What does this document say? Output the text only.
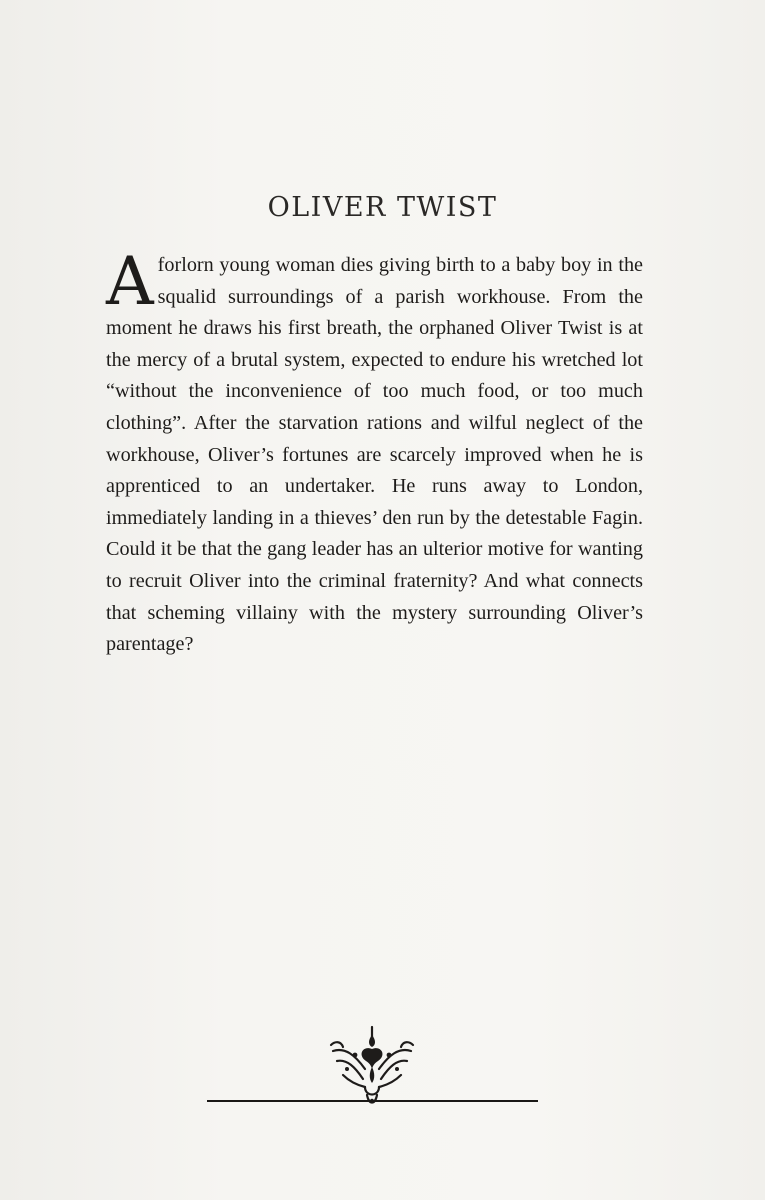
OLIVER TWIST

Aforlorn young woman dies giving birth to a baby boy in the squalid surroundings of a parish workhouse. From the moment he draws his first breath, the orphaned Oliver Twist is at the mercy of a brutal system, expected to endure his wretched lot “without the inconvenience of too much food, or too much clothing”. After the starvation rations and wilful neglect of the workhouse, Oliver’s fortunes are scarcely improved when he is apprenticed to an undertaker. He runs away to London, immediately landing in a thieves’ den run by the detestable Fagin. Could it be that the gang leader has an ulterior motive for wanting to recruit Oliver into the criminal fraternity? And what connects that scheming villainy with the mystery surrounding Oliver’s parentage?
